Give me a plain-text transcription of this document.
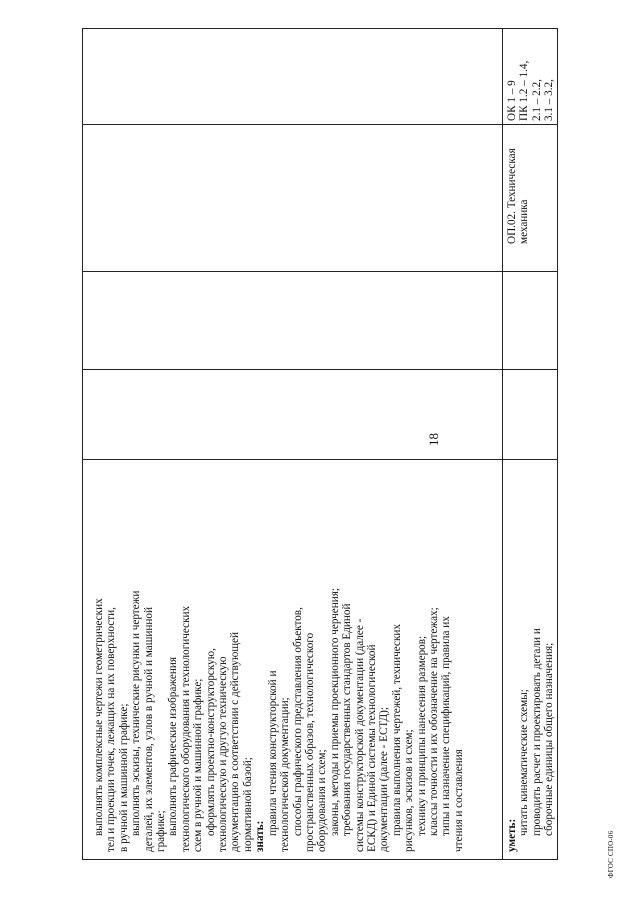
18
выполнять комплексные чертежи геометрических тел и проекции точек, лежащих на их поверхности, в ручной и машинной графике; выполнять эскизы, технические рисунки и чертежи деталей, их элементов, узлов в ручной и машинной графике; выполнять графические изображения технологического оборудования и технологических схем в ручной и машинной графике; оформлять проектно-конструкторскую, технологическую и другую техническую документацию в соответствии с действующей нормативной базой; знать:
правила чтения конструкторской и технологической документации; способы графического представления объектов, пространственных образов, технологического оборудования и схем; законы, методы и приемы проекционного черчения; требования государственных стандартов Единой системы конструкторской документации (далее - ЕСКД) и Единой системы технологической документации (далее - ЕСТД); правила выполнения чертежей, технических рисунков, эскизов и схем; технику и принципы нанесения размеров; классы точности и их обозначение на чертежах; типы и назначение спецификаций, правила их чтения и составления	уметь: читать кинематические схемы; проводить расчет и проектировать детали и сборочные единицы общего назначения;
ОП.02. Техническая механика
ОК 1 – 9 ПК 1.2 – 1.4, 2.1 – 2.2, 3.1 – 3.2,
ФГОС СПО-06
